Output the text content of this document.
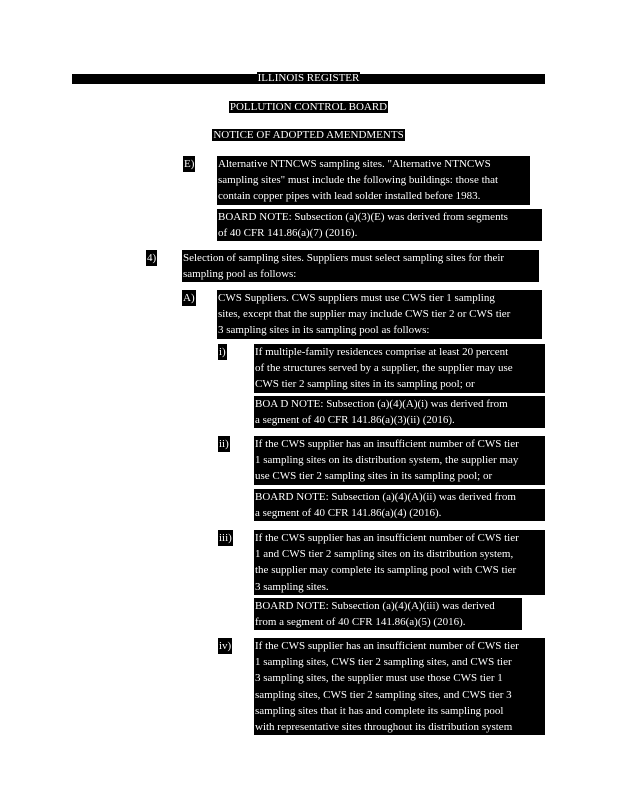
ILLINOIS REGISTER
POLLUTION CONTROL BOARD
NOTICE OF ADOPTED AMENDMENTS
E) Alternative NTNCWS sampling sites. "Alternative NTNCWS
sampling sites" must include the following buildings: those that
contain copper pipes with lead solder installed before 1983.
BOARD NOTE: Subsection (a)(3)(E) was derived from segments
of 40 CFR 141.86(a)(7) (2016).
4) Selection of sampling sites. Suppliers must select sampling sites for their
sampling pool as follows:
A) CWS Suppliers. CWS suppliers must use CWS tier 1 sampling
sites, except that the supplier may include CWS tier 2 or CWS tier
3 sampling sites in its sampling pool as follows:
i)	If multiple-family residences comprise at least 20 percent
of the structures served by a supplier, the supplier may use
CWS tier 2 sampling sites in its sampling pool; or
BOA D NOTE: Subsection (a)(4)(A)(i) was derived from
a segment of 40 CFR 141.86(a)(3)(ii) (2016).
ii) If the CWS supplier has an insufficient number of CWS tier
1 sampling sites on its distribution system, the supplier may
use CWS tier 2 sampling sites in its sampling pool; or
BOARD NOTE: Subsection (a)(4)(A)(ii) was derived from
a segment of 40 CFR 141.86(a)(4) (2016).
iii) If the CWS supplier has an insufficient number of CWS tier
1 and CWS tier 2 sampling sites on its distribution system,
the supplier may complete its sampling pool with CWS tier
3 sampling sites.
BOARD NOTE: Subsection (a)(4)(A)(iii) was derived
from a segment of 40 CFR 141.86(a)(5) (2016).
iv) If the CWS supplier has an insufficient number of CWS tier
1 sampling sites, CWS tier 2 sampling sites, and CWS tier
3 sampling sites, the supplier must use those CWS tier 1
sampling sites, CWS tier 2 sampling sites, and CWS tier 3
sampling sites that it has and complete its sampling pool
with representative sites throughout its distribution system
